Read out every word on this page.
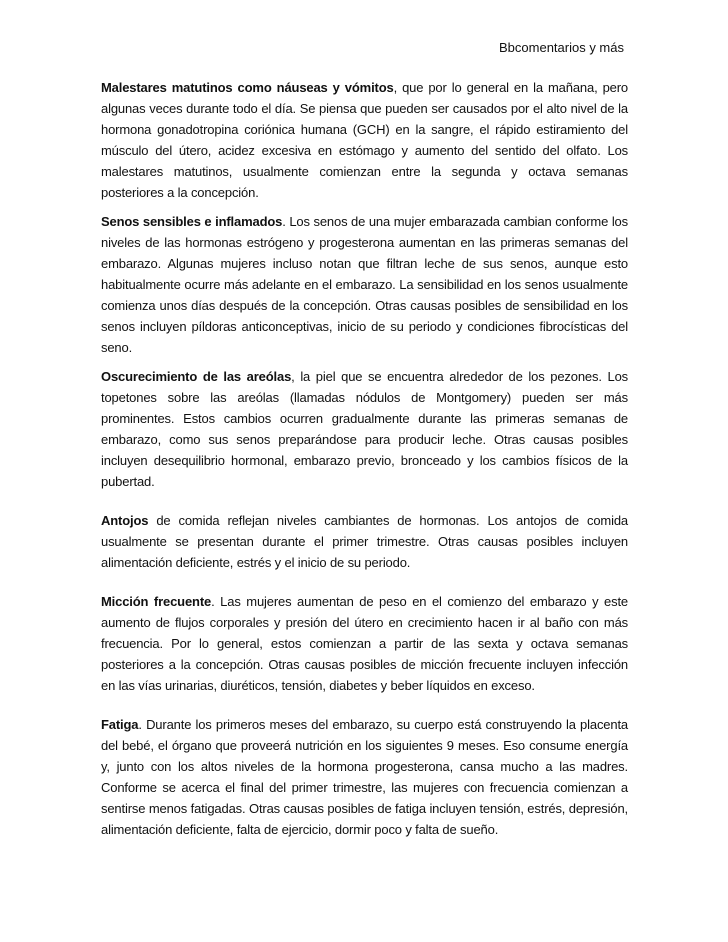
Bbcomentarios y más

Malestares matutinos como náuseas y vómitos, que por lo general en la mañana, pero algunas veces durante todo el día. Se piensa que pueden ser causados por el alto nivel de la hormona gonadotropina coriónica humana (GCH) en la sangre, el rápido estiramiento del músculo del útero, acidez excesiva en estómago y aumento del sentido del olfato. Los malestares matutinos, usualmente comienzan entre la segunda y octava semanas posteriores a la concepción.

Senos sensibles e inflamados. Los senos de una mujer embarazada cambian conforme los niveles de las hormonas estrógeno y progesterona aumentan en las primeras semanas del embarazo. Algunas mujeres incluso notan que filtran leche de sus senos, aunque esto habitualmente ocurre más adelante en el embarazo. La sensibilidad en los senos usualmente comienza unos días después de la concepción. Otras causas posibles de sensibilidad en los senos incluyen píldoras anticonceptivas, inicio de su periodo y condiciones fibrocísticas del seno.

Oscurecimiento de las areólas, la piel que se encuentra alrededor de los pezones. Los topetones sobre las areólas (llamadas nódulos de Montgomery) pueden ser más prominentes. Estos cambios ocurren gradualmente durante las primeras semanas de embarazo, como sus senos preparándose para producir leche. Otras causas posibles incluyen desequilibrio hormonal, embarazo previo, bronceado y los cambios físicos de la pubertad.

Antojos de comida reflejan niveles cambiantes de hormonas. Los antojos de comida usualmente se presentan durante el primer trimestre. Otras causas posibles incluyen alimentación deficiente, estrés y el inicio de su periodo.

Micción frecuente. Las mujeres aumentan de peso en el comienzo del embarazo y este aumento de flujos corporales y presión del útero en crecimiento hacen ir al baño con más frecuencia. Por lo general, estos comienzan a partir de las sexta y octava semanas posteriores a la concepción. Otras causas posibles de micción frecuente incluyen infección en las vías urinarias, diuréticos, tensión, diabetes y beber líquidos en exceso.

Fatiga. Durante los primeros meses del embarazo, su cuerpo está construyendo la placenta del bebé, el órgano que proveerá nutrición en los siguientes 9 meses. Eso consume energía y, junto con los altos niveles de la hormona progesterona, cansa mucho a las madres. Conforme se acerca el final del primer trimestre, las mujeres con frecuencia comienzan a sentirse menos fatigadas. Otras causas posibles de fatiga incluyen tensión, estrés, depresión, alimentación deficiente, falta de ejercicio, dormir poco y falta de sueño.
